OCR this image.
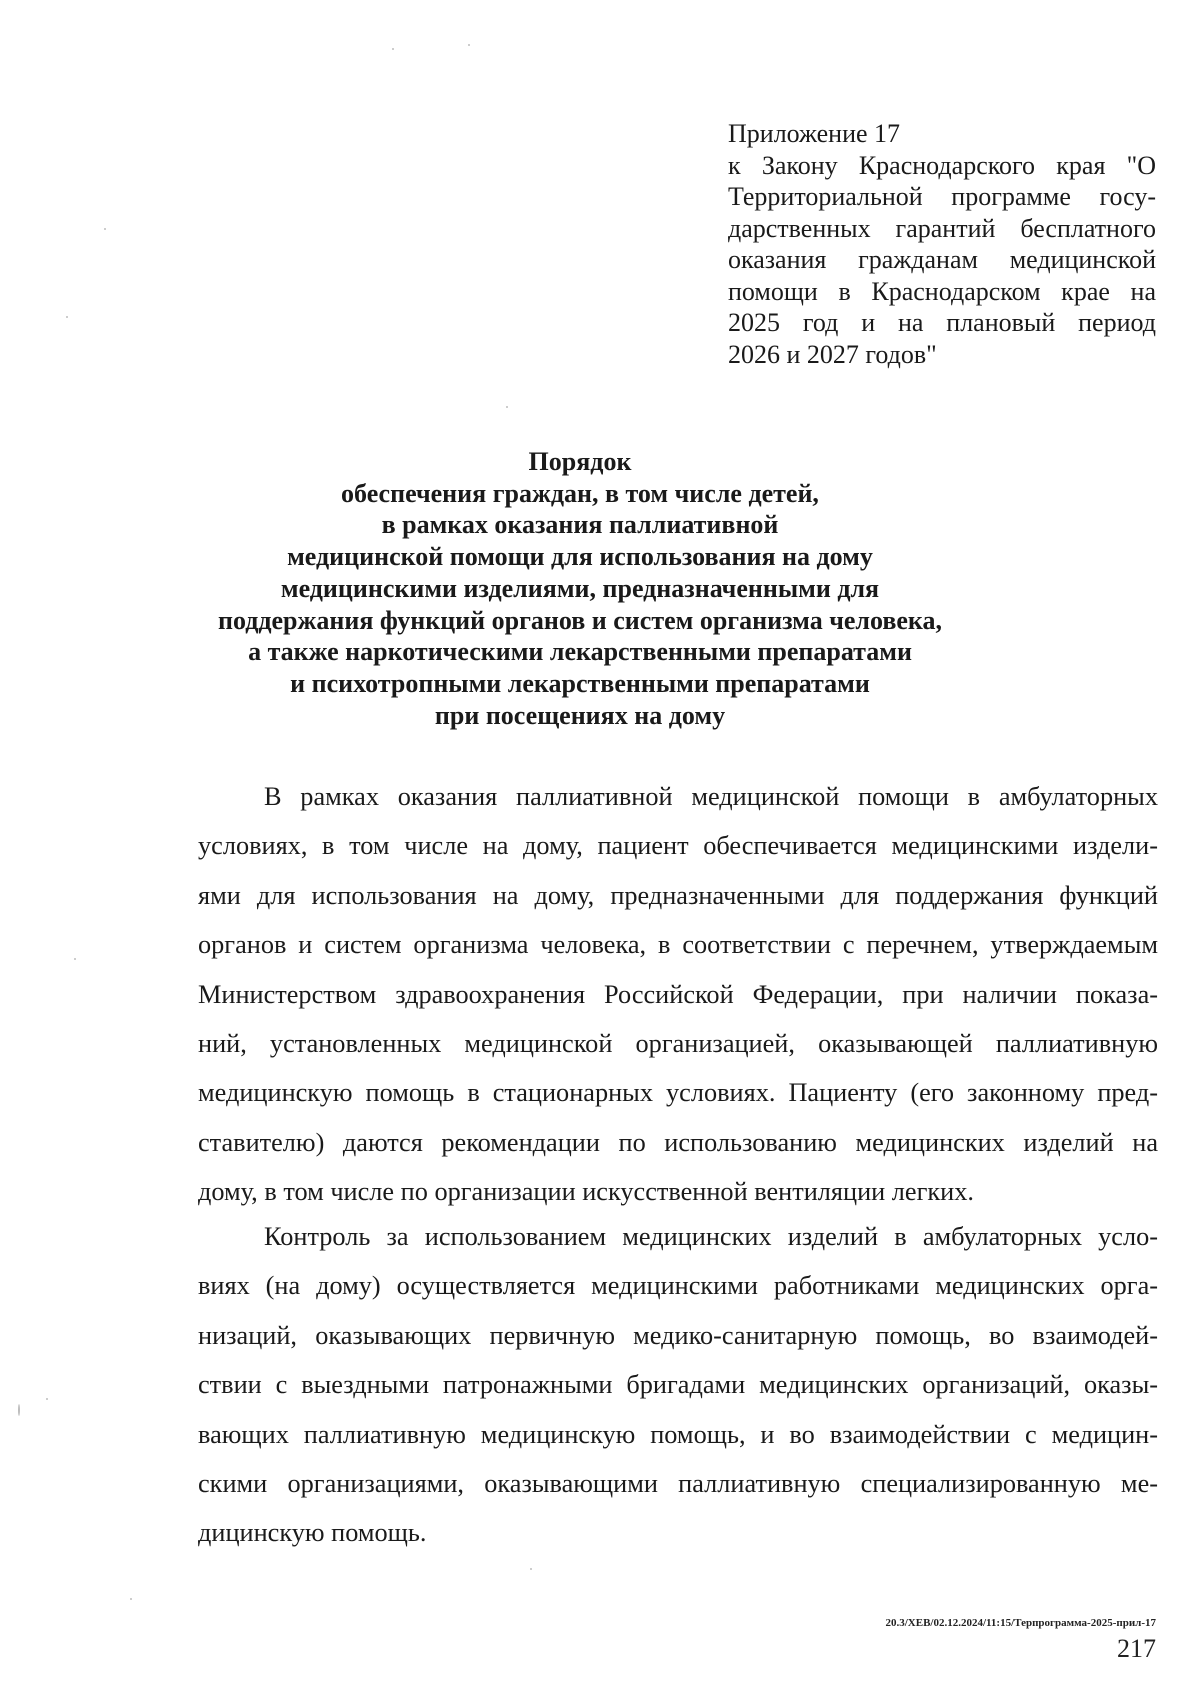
Приложение 17
к Закону Краснодарского края "О
Территориальной программе госу-
дарственных гарантий бесплатного
оказания гражданам медицинской
помощи в Краснодарском крае на
2025 год и на плановый период
2026 и 2027 годов"
Порядок
обеспечения граждан, в том числе детей,
в рамках оказания паллиативной
медицинской помощи для использования на дому
медицинскими изделиями, предназначенными для
поддержания функций органов и систем организма человека,
а также наркотическими лекарственными препаратами
и психотропными лекарственными препаратами
при посещениях на дому
В рамках оказания паллиативной медицинской помощи в амбулаторных
условиях, в том числе на дому, пациент обеспечивается медицинскими издели-
ями для использования на дому, предназначенными для поддержания функций
органов и систем организма человека, в соответствии с перечнем, утверждаемым
Министерством здравоохранения Российской Федерации, при наличии показа-
ний, установленных медицинской организацией, оказывающей паллиативную
медицинскую помощь в стационарных условиях. Пациенту (его законному пред-
ставителю) даются рекомендации по использованию медицинских изделий на
дому, в том числе по организации искусственной вентиляции легких.
Контроль за использованием медицинских изделий в амбулаторных усло-
виях (на дому) осуществляется медицинскими работниками медицинских орга-
низаций, оказывающих первичную медико-санитарную помощь, во взаимодей-
ствии с выездными патронажными бригадами медицинских организаций, оказы-
вающих паллиативную медицинскую помощь, и во взаимодействии с медицин-
скими организациями, оказывающими паллиативную специализированную ме-
дицинскую помощь.
20.3/ХЕВ/02.12.2024/11:15/Терпрограмма-2025-прил-17
217
